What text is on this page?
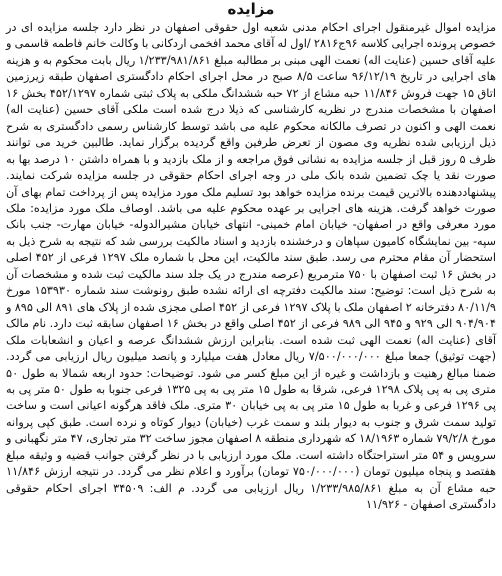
مزایده

مزایده اموال غیرمنقول اجرای احکام مدنی شعبه اول حقوقی اصفهان در نظر دارد جلسه مزایده ای در خصوص پرونده اجرایی کلاسه ۹۶ج۲۸۱۶ /اول له آقای محمد افخمی اردکانی با وکالت خانم فاطمه قاسمی و علیه آقای حسین (عنایت اله) نعمت الهی مبنی بر مطالبه مبلغ ۱/۲۳۳/۹۸۱/۸۶۱ ریال بابت محکوم به و هزینه های اجرایی در تاریخ ۹۶/۱۲/۱۹ ساعت ۸/۵ صبح در محل اجرای احکام دادگستری اصفهان طبقه زیرزمین اتاق ۱۵ جهت فروش ۱۱/۸۴۶ حبه مشاع از ۷۲ حبه ششدانگ ملکی به پلاک ثبتی شماره ۴۵۲/۱۲۹۷ بخش ۱۶ اصفهان با مشخصات مندرج در نظریه کارشناسی که ذیلا درج شده است ملکی آقای حسین (عنایت اله) نعمت الهی و اکنون در تصرف مالکانه محکوم علیه می باشد توسط کارشناس رسمی دادگستری به شرح ذیل ارزیابی شده نظریه وی مصون از تعرض طرفین واقع گردیده برگزار نماید. طالبین خرید می توانند ظرف ۵ روز قبل از جلسه مزایده به نشانی فوق مراجعه و از ملک بازدید و با همراه داشتن ۱۰ درصد بها به صورت نقد یا چک تضمین شده بانک ملی در وجه اجرای احکام حقوقی در جلسه مزایده شرکت نمایند. پیشنهاددهنده بالاترین قیمت برنده مزایده خواهد بود تسلیم ملک مورد مزایده پس از پرداخت تمام بهای آن صورت خواهد گرفت. هزینه های اجرایی بر عهده محکوم علیه می باشد. اوصاف ملک مورد مزایده: ملک مورد معرفی واقع در اصفهان- خیابان امام خمینی- انتهای خیابان مشیرالدوله- خیابان مهارت- جنب بانک سپه- بین نمایشگاه کامیون سپاهان و درخشنده بازدید و اسناد مالکیت بررسی شد که نتیجه به شرح ذیل به استحضار آن مقام محترم می رسد. طبق سند مالکیت، این محل با شماره ملک ۱۲۹۷ فرعی از ۴۵۲ اصلی در بخش ۱۶ ثبت اصفهان با ۷۵۰ مترمربع (عرصه مندرج در یک جلد سند مالکیت ثبت شده و مشخصات آن به شرح ذیل است: توضیح: سند مالکیت دفترچه ای ارائه نشده طبق رونوشت سند شماره ۱۵۳۹۳۰ مورخ ۸۰/۱۱/۹ دفترخانه ۲ اصفهان ملک با پلاک ۱۲۹۷ فرعی از ۴۵۲ اصلی مجزی شده از پلاک های ۸۹۱ الی ۸۹۵ و ۹۰۴/۹۰۴ الی ۹۲۹ و ۹۴۵ الی ۹۸۹ فرعی از ۴۵۲ اصلی واقع در بخش ۱۶ اصفهان سابقه ثبت دارد. نام مالک آقای (عنایت اله) نعمت الهی ثبت شده است. بنابراین ارزش ششدانگ عرصه و اعیان و انشعابات ملک (جهت توثیق) جمعا مبلغ ۷/۵۰۰/۰۰۰/۰۰۰ ریال معادل هفت میلیارد و پانصد میلیون ریال ارزیابی می گردد. ضمنا مبالغ رهنیت و بازداشت و غیره از این مبلغ کسر می شود. توضیحات: حدود اربعه شمالا به طول ۵۰ متری پی به پی پلاک ۱۲۹۸ فرعی، شرقا به طول ۱۵ متر پی به پی ۱۳۲۵ فرعی جنوبا به طول ۵۰ متر پی به پی ۱۲۹۶ فرعی و غربا به طول ۱۵ متر پی به پی خیابان ۳۰ متری. ملک فاقد هرگونه اعیانی است و ساخت تولید سمت شرق و جنوب به دیوار بلند و سمت غرب (خیابان) دیوار کوتاه و نرده است. طبق کپی پروانه مورخ ۷۹/۲/۸ شماره ۱۸/۱۹۶۳ که شهرداری منطقه ۸ اصفهان مجوز ساخت ۳۲ متر تجاری، ۴۷ متر نگهبانی و سرویس و ۵۴ متر استراحتگاه داشته است. ملک مورد ارزیابی با در نظر گرفتن جوانب قضیه و وثیقه مبلغ هفتصد و پنجاه میلیون تومان (۷۵۰/۰۰۰/۰۰۰ تومان) برآورد و اعلام نظر می گردد. در نتیجه ارزش ۱۱/۸۴۶ حبه مشاع آن به مبلغ ۱/۲۳۳/۹۸۵/۸۶۱ ریال ارزیابی می گردد. م الف: ۳۴۵۰۹ اجرای احکام حقوقی دادگستری اصفهان - ۱۱/۹۲۶
